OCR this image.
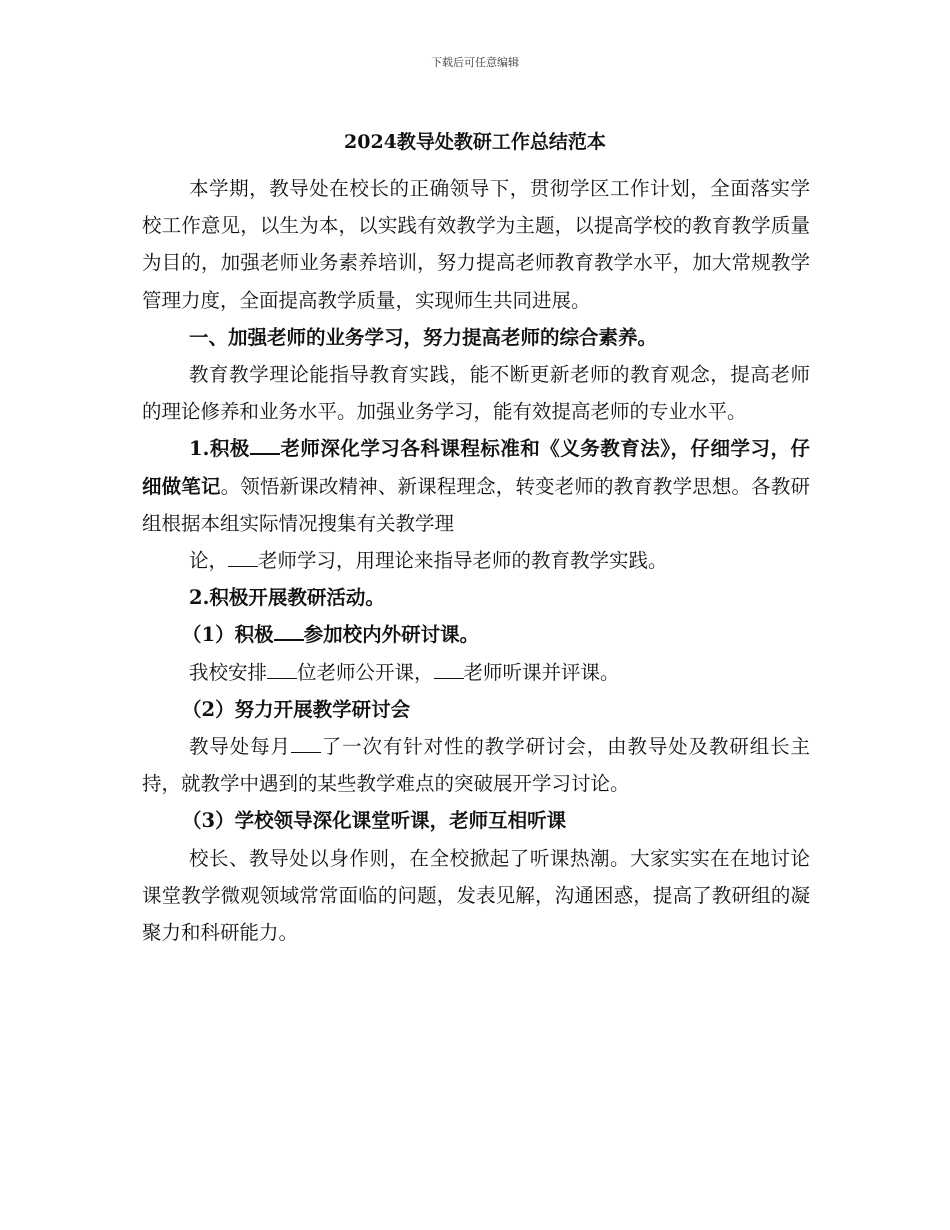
下载后可任意编辑
2024教导处教研工作总结范本

本学期，教导处在校长的正确领导下，贯彻学区工作计划，全面落实学校工作意见，以生为本，以实践有效教学为主题，以提高学校的教育教学质量为目的，加强老师业务素养培训，努力提高老师教育教学水平，加大常规教学管理力度，全面提高教学质量，实现师生共同进展。

一、加强老师的业务学习，努力提高老师的综合素养。

教育教学理论能指导教育实践，能不断更新老师的教育观念，提高老师的理论修养和业务水平。加强业务学习，能有效提高老师的专业水平。

1.积极 老师深化学习各科课程标准和《义务教育法》，仔细学习，仔细做笔记。领悟新课改精神、新课程理念，转变老师的教育教学思想。各教研组根据本组实际情况搜集有关教学理

论， 老师学习，用理论来指导老师的教育教学实践。

2.积极开展教研活动。

（1）积极 参加校内外研讨课。

我校安排 位老师公开课， 老师听课并评课。

（2）努力开展教学研讨会

教导处每月 了一次有针对性的教学研讨会，由教导处及教研组长主持，就教学中遇到的某些教学难点的突破展开学习讨论。

（3）学校领导深化课堂听课，老师互相听课

校长、教导处以身作则，在全校掀起了听课热潮。大家实实在在地讨论课堂教学微观领域常常面临的问题，发表见解，沟通困惑，提高了教研组的凝聚力和科研能力。
